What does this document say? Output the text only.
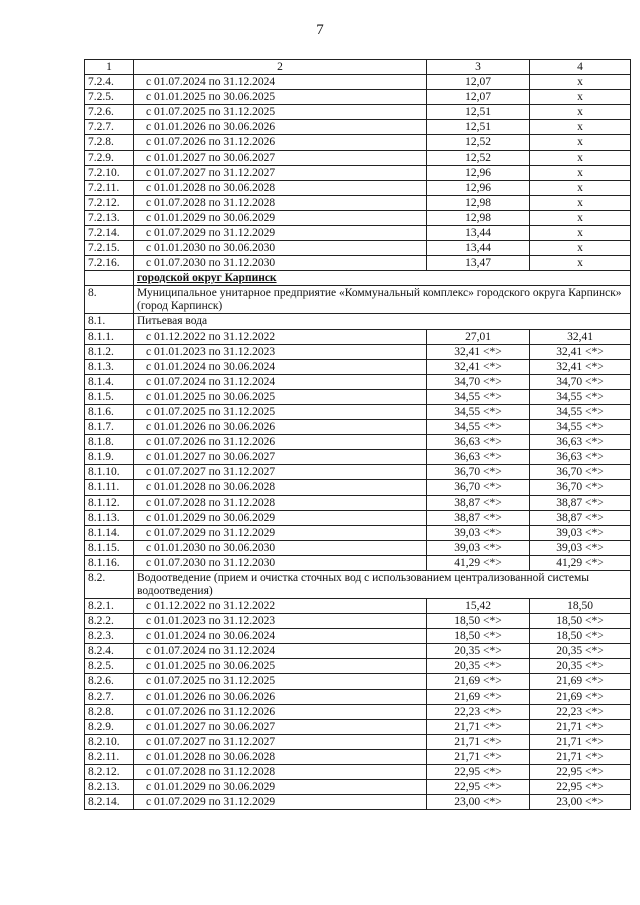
7
1	2	3	4
7.2.4.	с 01.07.2024 по 31.12.2024	12,07	х
7.2.5.	с 01.01.2025 по 30.06.2025	12,07	х
7.2.6.	с 01.07.2025 по 31.12.2025	12,51	х
7.2.7.	с 01.01.2026 по 30.06.2026	12,51	х
7.2.8.	с 01.07.2026 по 31.12.2026	12,52	х
7.2.9.	с 01.01.2027 по 30.06.2027	12,52	х
7.2.10.	с 01.07.2027 по 31.12.2027	12,96	х
7.2.11.	с 01.01.2028 по 30.06.2028	12,96	х
7.2.12.	с 01.07.2028 по 31.12.2028	12,98	х
7.2.13.	с 01.01.2029 по 30.06.2029	12,98	х
7.2.14.	с 01.07.2029 по 31.12.2029	13,44	х
7.2.15.	с 01.01.2030 по 30.06.2030	13,44	х
7.2.16.	с 01.07.2030 по 31.12.2030	13,47	х
	городской округ Карпинск		
8.	Муниципальное унитарное предприятие «Коммунальный комплекс» городского округа Карпинск» (город Карпинск)		
8.1.	Питьевая вода		
8.1.1.	с 01.12.2022 по 31.12.2022	27,01	32,41
8.1.2.	с 01.01.2023 по 31.12.2023	32,41 <*>	32,41 <*>
8.1.3.	с 01.01.2024 по 30.06.2024	32,41 <*>	32,41 <*>
8.1.4.	с 01.07.2024 по 31.12.2024	34,70 <*>	34,70 <*>
8.1.5.	с 01.01.2025 по 30.06.2025	34,55 <*>	34,55 <*>
8.1.6.	с 01.07.2025 по 31.12.2025	34,55 <*>	34,55 <*>
8.1.7.	с 01.01.2026 по 30.06.2026	34,55 <*>	34,55 <*>
8.1.8.	с 01.07.2026 по 31.12.2026	36,63 <*>	36,63 <*>
8.1.9.	с 01.01.2027 по 30.06.2027	36,63 <*>	36,63 <*>
8.1.10.	с 01.07.2027 по 31.12.2027	36,70 <*>	36,70 <*>
8.1.11.	с 01.01.2028 по 30.06.2028	36,70 <*>	36,70 <*>
8.1.12.	с 01.07.2028 по 31.12.2028	38,87 <*>	38,87 <*>
8.1.13.	с 01.01.2029 по 30.06.2029	38,87 <*>	38,87 <*>
8.1.14.	с 01.07.2029 по 31.12.2029	39,03 <*>	39,03 <*>
8.1.15.	с 01.01.2030 по 30.06.2030	39,03 <*>	39,03 <*>
8.1.16.	с 01.07.2030 по 31.12.2030	41,29 <*>	41,29 <*>
8.2.	Водоотведение (прием и очистка сточных вод с использованием централизованной системы водоотведения)		
8.2.1.	с 01.12.2022 по 31.12.2022	15,42	18,50
8.2.2.	с 01.01.2023 по 31.12.2023	18,50 <*>	18,50 <*>
8.2.3.	с 01.01.2024 по 30.06.2024	18,50 <*>	18,50 <*>
8.2.4.	с 01.07.2024 по 31.12.2024	20,35 <*>	20,35 <*>
8.2.5.	с 01.01.2025 по 30.06.2025	20,35 <*>	20,35 <*>
8.2.6.	с 01.07.2025 по 31.12.2025	21,69 <*>	21,69 <*>
8.2.7.	с 01.01.2026 по 30.06.2026	21,69 <*>	21,69 <*>
8.2.8.	с 01.07.2026 по 31.12.2026	22,23 <*>	22,23 <*>
8.2.9.	с 01.01.2027 по 30.06.2027	21,71 <*>	21,71 <*>
8.2.10.	с 01.07.2027 по 31.12.2027	21,71 <*>	21,71 <*>
8.2.11.	с 01.01.2028 по 30.06.2028	21,71 <*>	21,71 <*>
8.2.12.	с 01.07.2028 по 31.12.2028	22,95 <*>	22,95 <*>
8.2.13.	с 01.01.2029 по 30.06.2029	22,95 <*>	22,95 <*>
8.2.14.	с 01.07.2029 по 31.12.2029	23,00 <*>	23,00 <*>
